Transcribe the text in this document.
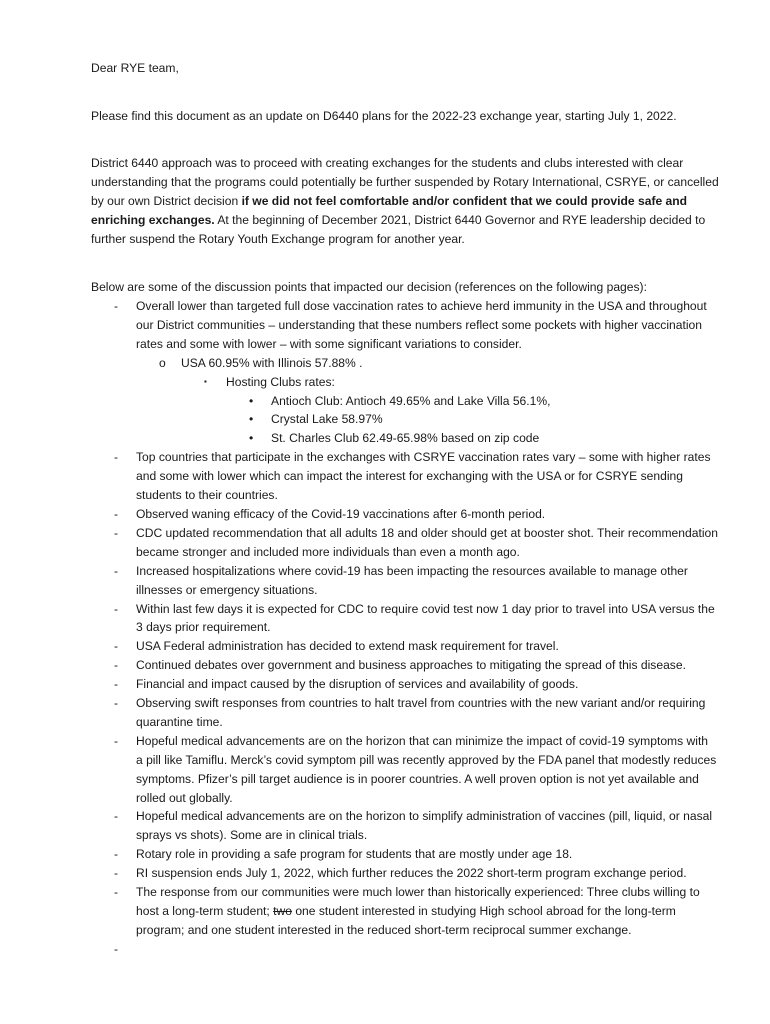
Dear RYE team,

Please find this document as an update on D6440 plans for the 2022-23 exchange year, starting July 1, 2022.

District 6440 approach was to proceed with creating exchanges for the students and clubs interested with clear understanding that the programs could potentially be further suspended by Rotary International, CSRYE, or cancelled by our own District decision if we did not feel comfortable and/or confident that we could provide safe and enriching exchanges. At the beginning of December 2021, District 6440 Governor and RYE leadership decided to further suspend the Rotary Youth Exchange program for another year.

Below are some of the discussion points that impacted our decision (references on the following pages):

- Overall lower than targeted full dose vaccination rates to achieve herd immunity in the USA and throughout our District communities – understanding that these numbers reflect some pockets with higher vaccination rates and some with lower – with some significant variations to consider.
o USA 60.95% with Illinois 57.88% .
▪ Hosting Clubs rates:
• Antioch Club: Antioch 49.65% and Lake Villa 56.1%,
• Crystal Lake 58.97%
• St. Charles Club 62.49-65.98% based on zip code
- Top countries that participate in the exchanges with CSRYE vaccination rates vary – some with higher rates and some with lower which can impact the interest for exchanging with the USA or for CSRYE sending students to their countries.
- Observed waning efficacy of the Covid-19 vaccinations after 6-month period.
- CDC updated recommendation that all adults 18 and older should get at booster shot. Their recommendation became stronger and included more individuals than even a month ago.
- Increased hospitalizations where covid-19 has been impacting the resources available to manage other illnesses or emergency situations.
- Within last few days it is expected for CDC to require covid test now 1 day prior to travel into USA versus the 3 days prior requirement.
- USA Federal administration has decided to extend mask requirement for travel.
- Continued debates over government and business approaches to mitigating the spread of this disease.
- Financial and impact caused by the disruption of services and availability of goods.
- Observing swift responses from countries to halt travel from countries with the new variant and/or requiring quarantine time.
- Hopeful medical advancements are on the horizon that can minimize the impact of covid-19 symptoms with a pill like Tamiflu. Merck’s covid symptom pill was recently approved by the FDA panel that modestly reduces symptoms. Pfizer’s pill target audience is in poorer countries. A well proven option is not yet available and rolled out globally.
- Hopeful medical advancements are on the horizon to simplify administration of vaccines (pill, liquid, or nasal sprays vs shots). Some are in clinical trials.
- Rotary role in providing a safe program for students that are mostly under age 18.
- RI suspension ends July 1, 2022, which further reduces the 2022 short-term program exchange period.
- The response from our communities were much lower than historically experienced: Three clubs willing to host a long-term student; two one student interested in studying High school abroad for the long-term program; and one student interested in the reduced short-term reciprocal summer exchange.
-
